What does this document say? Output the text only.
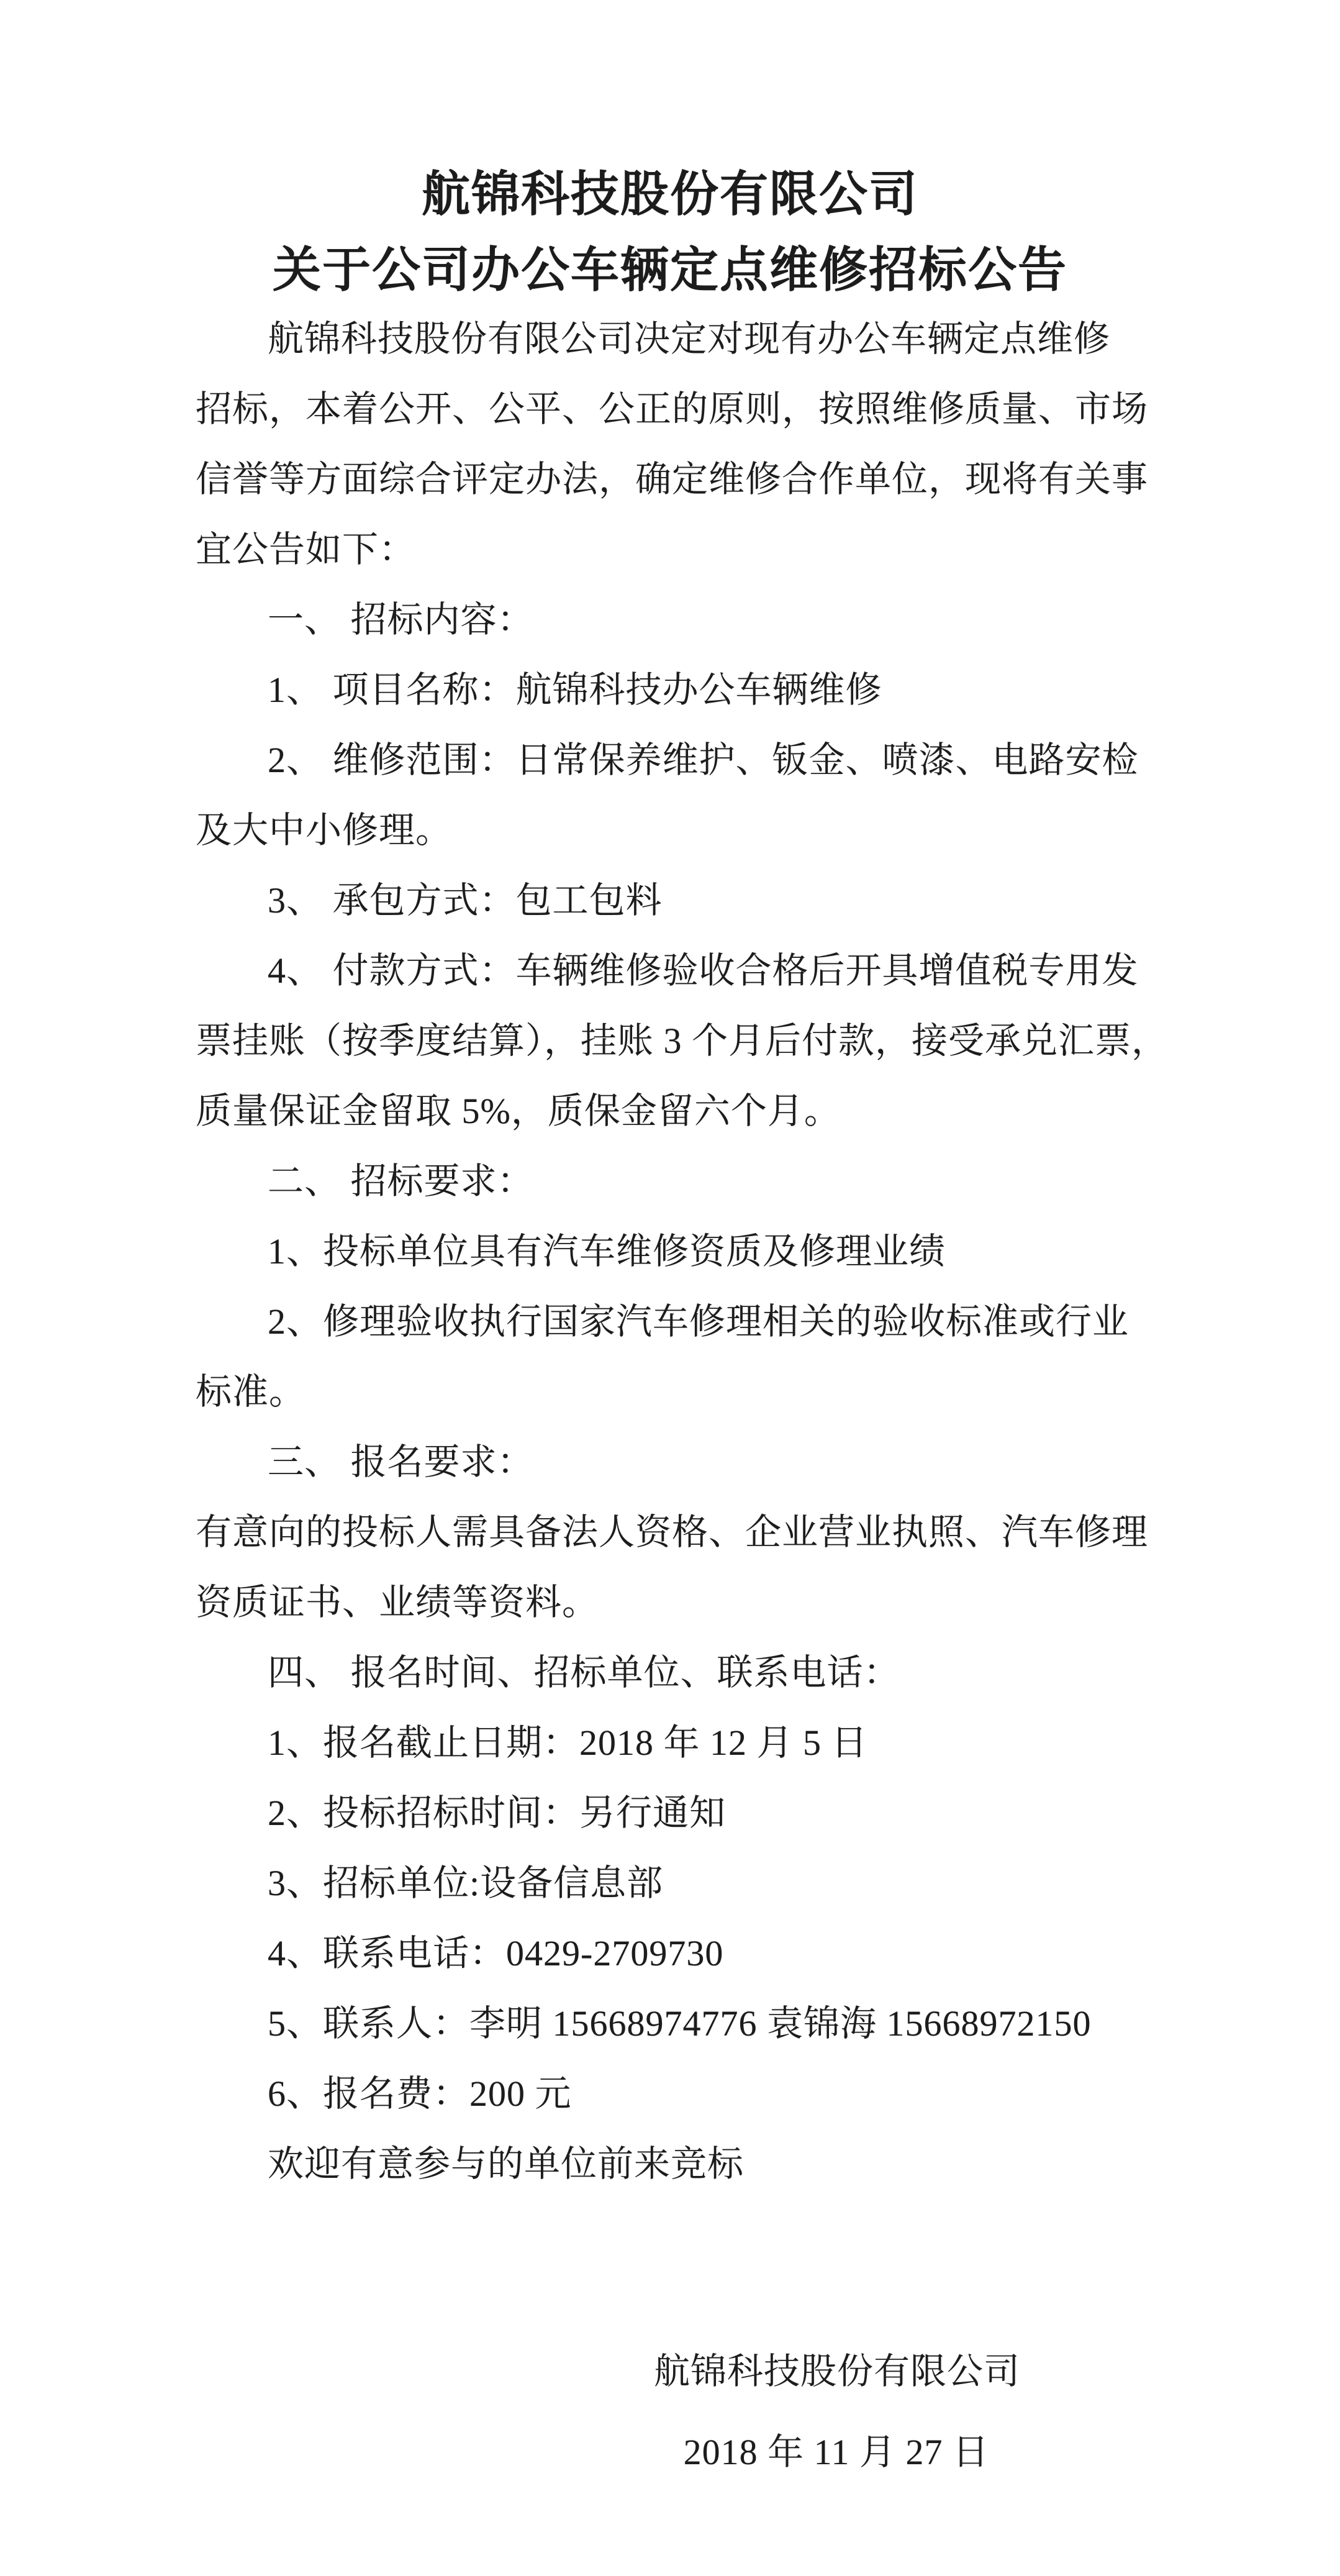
航锦科技股份有限公司
关于公司办公车辆定点维修招标公告
航锦科技股份有限公司决定对现有办公车辆定点维修
招标，本着公开、公平、公正的原则，按照维修质量、市场
信誉等方面综合评定办法，确定维修合作单位，现将有关事
宜公告如下：
一、 招标内容：
1、 项目名称：航锦科技办公车辆维修
2、 维修范围：日常保养维护、钣金、喷漆、电路安检
及大中小修理。
3、 承包方式：包工包料
4、 付款方式：车辆维修验收合格后开具增值税专用发
票挂账（按季度结算），挂账 3 个月后付款，接受承兑汇票，
质量保证金留取 5%，质保金留六个月。
二、 招标要求：
1、投标单位具有汽车维修资质及修理业绩
2、修理验收执行国家汽车修理相关的验收标准或行业
标准。
三、 报名要求：
有意向的投标人需具备法人资格、企业营业执照、汽车修理
资质证书、业绩等资料。
四、 报名时间、招标单位、联系电话：
1、报名截止日期：2018 年 12 月 5 日
2、投标招标时间：另行通知
3、招标单位:设备信息部
4、联系电话：0429-2709730
5、联系人：李明 15668974776 袁锦海 15668972150
6、报名费：200 元
欢迎有意参与的单位前来竞标
航锦科技股份有限公司
2018 年 11 月 27 日
